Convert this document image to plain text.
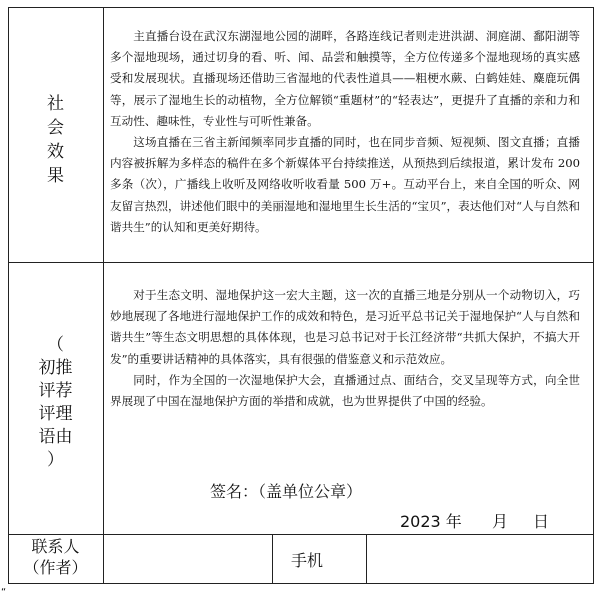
社
会
效
果

主直播台设在武汉东湖湿地公园的湖畔，各路连线记者则走进洪湖、洞庭湖、鄱阳湖等多个湿地现场，通过切身的看、听、闻、品尝和触摸等，全方位传递多个湿地现场的真实感受和发展现状。直播现场还借助三省湿地的代表性道具——粗梗水蕨、白鹤娃娃、麋鹿玩偶等，展示了湿地生长的动植物，全方位解锁“重题材”的“轻表达”，更提升了直播的亲和力和互动性、趣味性，专业性与可听性兼备。

这场直播在三省主新闻频率同步直播的同时，也在同步音频、短视频、图文直播；直播内容被拆解为多样态的稿件在多个新媒体平台持续推送，从预热到后续报道，累计发布 200 多条（次），广播线上收听及网络收听收看量 500 万+。互动平台上，来自全国的听众、网友留言热烈，讲述他们眼中的美丽湿地和湿地里生长生活的“宝贝”，表达他们对“人与自然和谐共生”的认知和更美好期待。

（
初推
评荐
评理
语由
）

对于生态文明、湿地保护这一宏大主题，这一次的直播三地是分别从一个动物切入，巧妙地展现了各地进行湿地保护工作的成效和特色，是习近平总书记关于湿地保护“人与自然和谐共生”等生态文明思想的具体体现，也是习总书记对于长江经济带“共抓大保护，不搞大开发”的重要讲话精神的具体落实，具有很强的借鉴意义和示范效应。

同时，作为全国的一次湿地保护大会，直播通过点、面结合，交叉呈现等方式，向全世界展现了中国在湿地保护方面的举措和成就，也为世界提供了中国的经验。

签名：（盖单位公章）
2023 年 月 日
联系人
（作者）	手机
“
